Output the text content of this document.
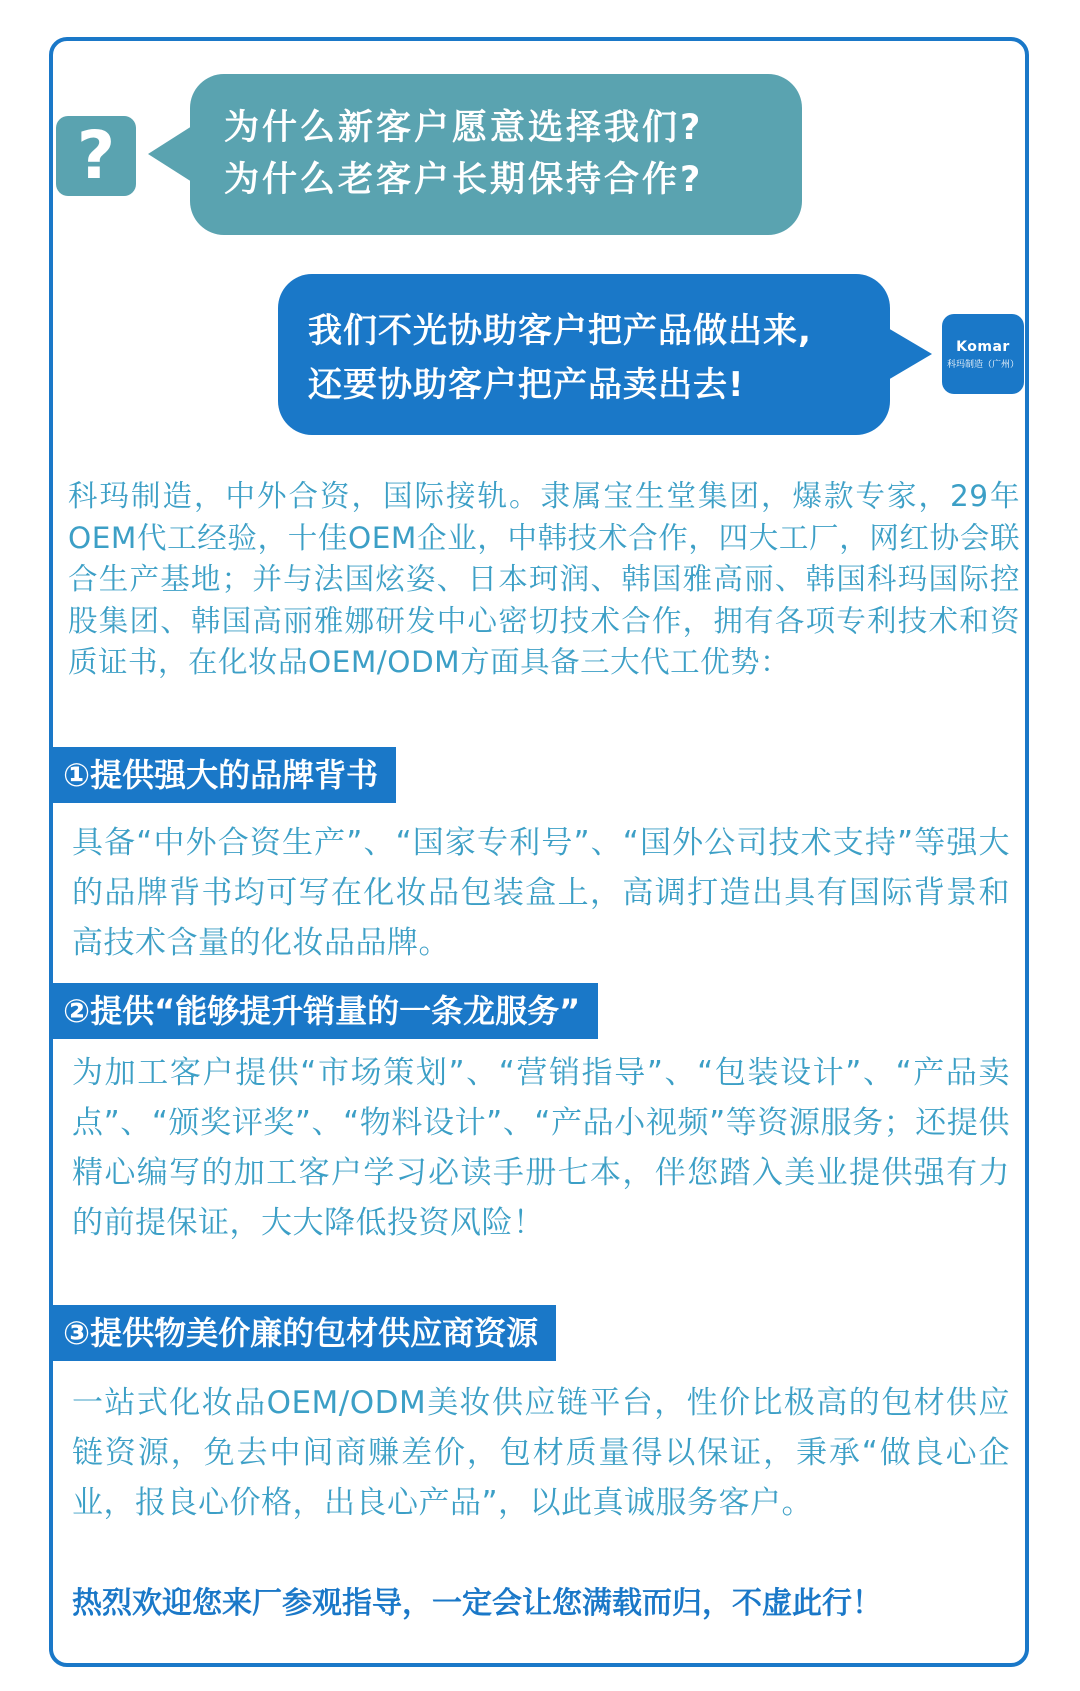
?	为什么新客户愿意选择我们?
为什么老客户长期保持合作?
我们不光协助客户把产品做出来,
还要协助客户把产品卖出去!
Komar
科玛制造（广州）
科玛制造，中外合资，国际接轨。隶属宝生堂集团，爆款专家，29年OEM代工经验，十佳OEM企业，中韩技术合作，四大工厂，网红协会联合生产基地；并与法国炫姿、日本珂润、韩国雅高丽、韩国科玛国际控股集团、韩国高丽雅娜研发中心密切技术合作，拥有各项专利技术和资质证书，在化妆品OEM/ODM方面具备三大代工优势：
①提供强大的品牌背书
具备“中外合资生产”、“国家专利号”、“国外公司技术支持”等强大的品牌背书均可写在化妆品包装盒上，高调打造出具有国际背景和高技术含量的化妆品品牌。
②提供“能够提升销量的一条龙服务”
为加工客户提供“市场策划”、“营销指导”、“包装设计”、“产品卖点”、“颁奖评奖”、“物料设计”、“产品小视频”等资源服务；还提供精心编写的加工客户学习必读手册七本，伴您踏入美业提供强有力的前提保证，大大降低投资风险！
③提供物美价廉的包材供应商资源
一站式化妆品OEM/ODM美妆供应链平台，性价比极高的包材供应链资源，免去中间商赚差价，包材质量得以保证，秉承“做良心企业，报良心价格，出良心产品”，以此真诚服务客户。
热烈欢迎您来厂参观指导，一定会让您满载而归，不虚此行！
